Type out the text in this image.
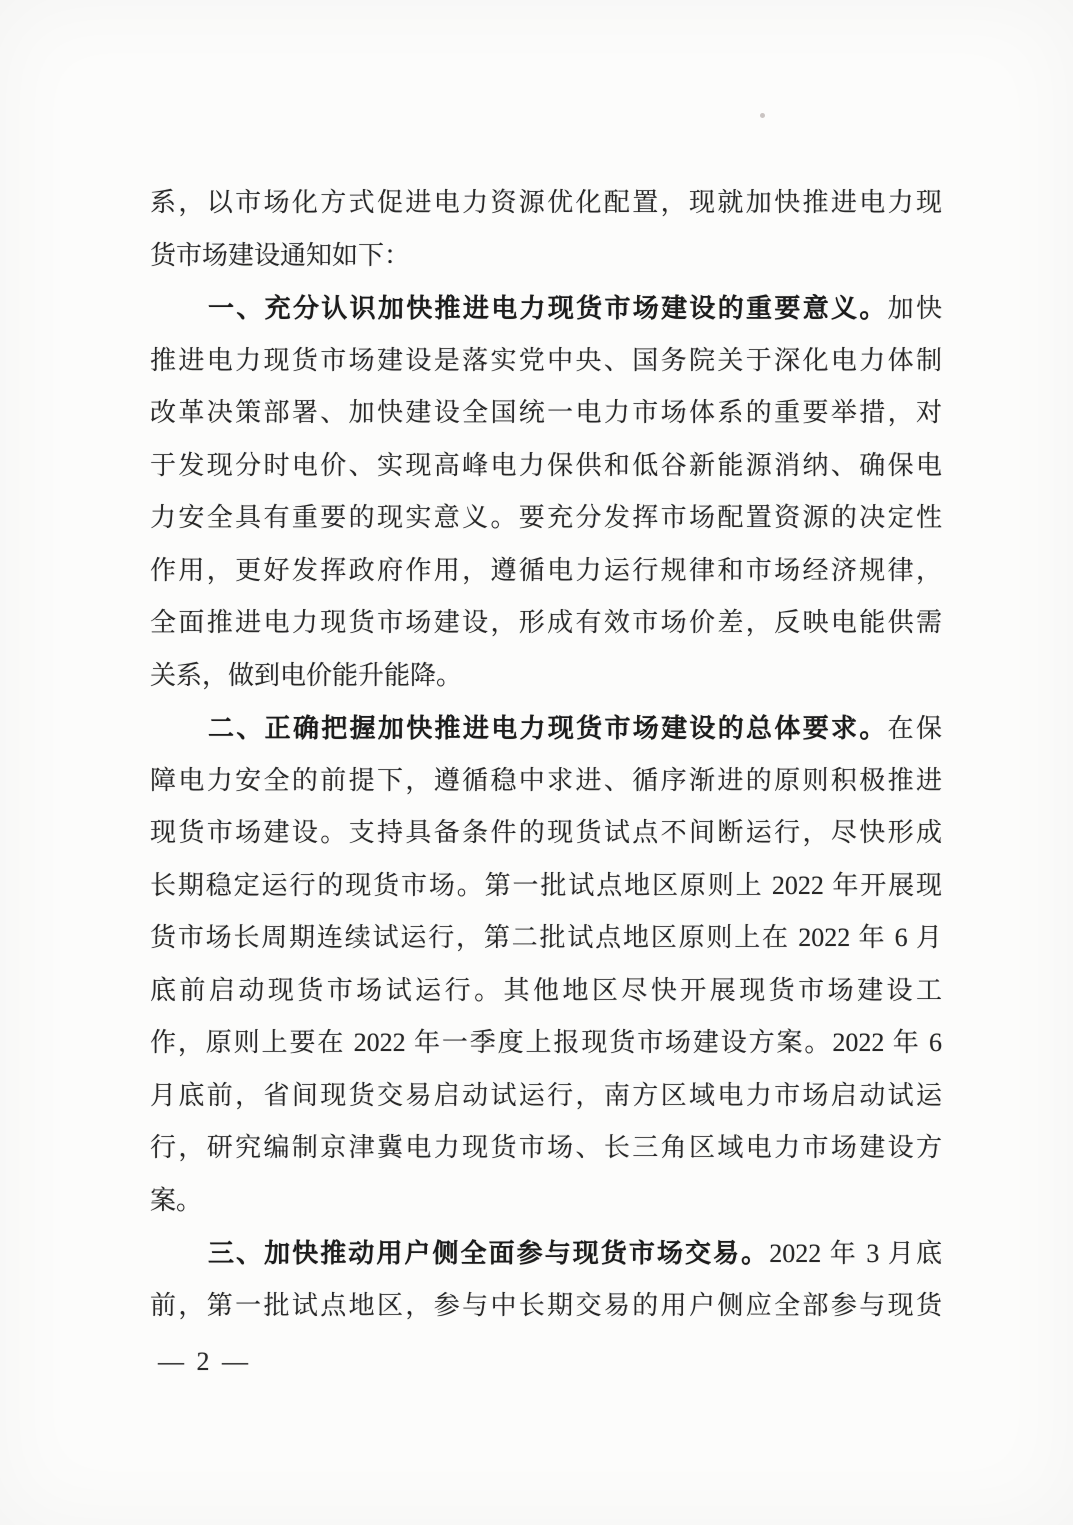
系，以市场化方式促进电力资源优化配置，现就加快推进电力现
货市场建设通知如下：
一、充分认识加快推进电力现货市场建设的重要意义。加快
推进电力现货市场建设是落实党中央、国务院关于深化电力体制
改革决策部署、加快建设全国统一电力市场体系的重要举措，对
于发现分时电价、实现高峰电力保供和低谷新能源消纳、确保电
力安全具有重要的现实意义。要充分发挥市场配置资源的决定性
作用，更好发挥政府作用，遵循电力运行规律和市场经济规律，
全面推进电力现货市场建设，形成有效市场价差，反映电能供需
关系，做到电价能升能降。
二、正确把握加快推进电力现货市场建设的总体要求。在保
障电力安全的前提下，遵循稳中求进、循序渐进的原则积极推进
现货市场建设。支持具备条件的现货试点不间断运行，尽快形成
长期稳定运行的现货市场。第一批试点地区原则上 2022 年开展现
货市场长周期连续试运行，第二批试点地区原则上在 2022 年 6 月
底前启动现货市场试运行。其他地区尽快开展现货市场建设工
作，原则上要在 2022 年一季度上报现货市场建设方案。2022 年 6
月底前，省间现货交易启动试运行，南方区域电力市场启动试运
行，研究编制京津冀电力现货市场、长三角区域电力市场建设方
案。
三、加快推动用户侧全面参与现货市场交易。2022 年 3 月底
前，第一批试点地区，参与中长期交易的用户侧应全部参与现货
— 2 —
